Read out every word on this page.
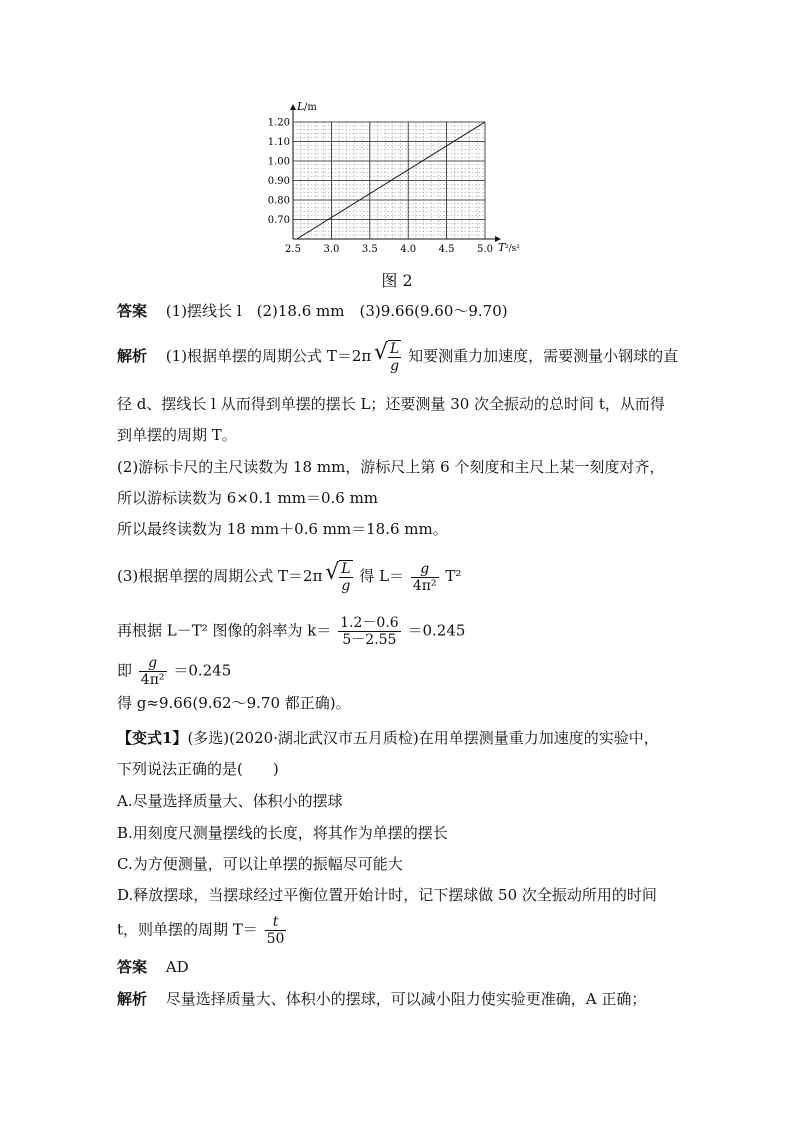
2.5 3.0 3.5 4.0 4.5 5.0
0.70
0.80
0.90
1.00
1.10
1.20
L /m
T ²/s²
图 2
答案 (1)摆线长 l　(2)18.6 mm　(3)9.66(9.60～9.70)
解析 (1)根据单摆的周期公式 T＝2π √ $\frac{L}{g}$ 知要测重力加速度，需要测量小钢球的直
径 d、摆线长 l 从而得到单摆的摆长 L；还要测量 30 次全振动的总时间 t，从而得
到单摆的周期 T。
(2)游标卡尺的主尺读数为 18 mm，游标尺上第 6 个刻度和主尺上某一刻度对齐，
所以游标读数为 6×0.1 mm＝0.6 mm
所以最终读数为 18 mm＋0.6 mm＝18.6 mm。
(3)根据单摆的周期公式 T＝2π √ $\frac{L}{g}$ 得 $L= \frac{g}{\text{4π²}} T^2$
再根据 L－T² 图像的斜率为 $k= \frac{1.2-0.6}{5-2.55} =0.245$
即 $\frac{g}{\text{4π²}} =0.245$
得 g≈9.66(9.62～9.70 都正确)。
【变式1】(多选)(2020·湖北武汉市五月质检)在用单摆测量重力加速度的实验中，
下列说法正确的是(　　)
A.尽量选择质量大、体积小的摆球
B.用刻度尺测量摆线的长度，将其作为单摆的摆长
C.为方便测量，可以让单摆的振幅尽可能大
D.释放摆球，当摆球经过平衡位置开始计时，记下摆球做 50 次全振动所用的时间
t，则单摆的周期 $T= \frac{t}{50}$
答案 AD
解析 尽量选择质量大、体积小的摆球，可以减小阻力使实验更准确，A 正确；
